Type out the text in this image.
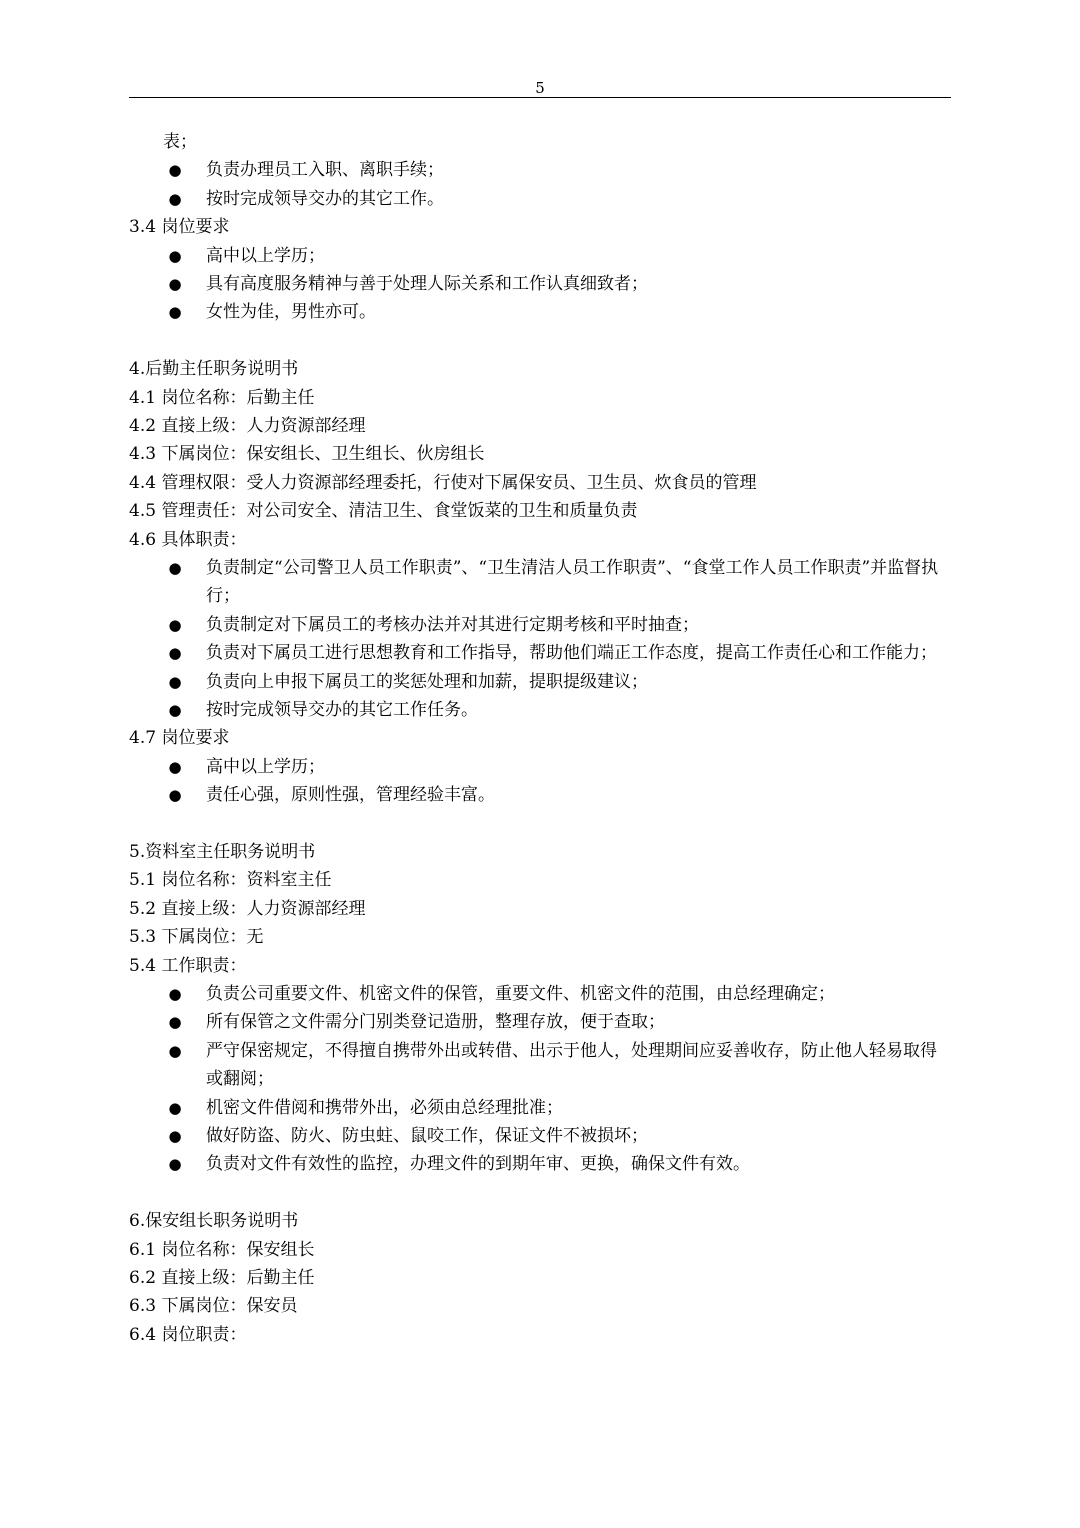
5
表；
● 负责办理员工入职、离职手续；
● 按时完成领导交办的其它工作。
3.4 岗位要求
● 高中以上学历；
● 具有高度服务精神与善于处理人际关系和工作认真细致者；
● 女性为佳，男性亦可。
4.后勤主任职务说明书
4.1 岗位名称：后勤主任
4.2 直接上级：人力资源部经理
4.3 下属岗位：保安组长、卫生组长、伙房组长
4.4 管理权限：受人力资源部经理委托，行使对下属保安员、卫生员、炊食员的管理
4.5 管理责任：对公司安全、清洁卫生、食堂饭菜的卫生和质量负责
4.6 具体职责：
● 负责制定“公司警卫人员工作职责”、“卫生清洁人员工作职责”、“食堂工作人员工作职责”并监督执行；
● 负责制定对下属员工的考核办法并对其进行定期考核和平时抽查；
● 负责对下属员工进行思想教育和工作指导，帮助他们端正工作态度，提高工作责任心和工作能力；
● 负责向上申报下属员工的奖惩处理和加薪，提职提级建议；
● 按时完成领导交办的其它工作任务。
4.7 岗位要求
● 高中以上学历；
● 责任心强，原则性强，管理经验丰富。
5.资料室主任职务说明书
5.1 岗位名称：资料室主任
5.2 直接上级：人力资源部经理
5.3 下属岗位：无
5.4 工作职责：
● 负责公司重要文件、机密文件的保管，重要文件、机密文件的范围，由总经理确定；
● 所有保管之文件需分门别类登记造册，整理存放，便于查取；
● 严守保密规定，不得擅自携带外出或转借、出示于他人，处理期间应妥善收存，防止他人轻易取得或翻阅；
● 机密文件借阅和携带外出，必须由总经理批准；
● 做好防盗、防火、防虫蛀、鼠咬工作，保证文件不被损坏；
● 负责对文件有效性的监控，办理文件的到期年审、更换，确保文件有效。
6.保安组长职务说明书
6.1 岗位名称：保安组长
6.2 直接上级：后勤主任
6.3 下属岗位：保安员
6.4 岗位职责：
